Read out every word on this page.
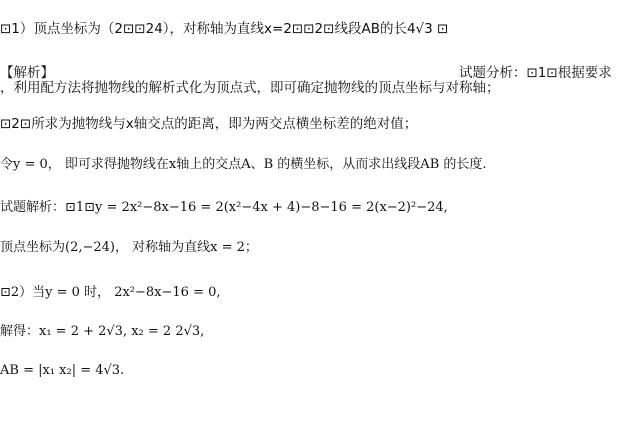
⊡1）顶点坐标为（2⊡⊡24），对称轴为直线x=2⊡⊡2⊡线段AB的长4√3 ⊡
【解析】	试题分析：⊡1⊡根据要求
，利用配方法将抛物线的解析式化为顶点式，即可确定抛物线的顶点坐标与对称轴；
⊡2⊡所求为抛物线与x轴交点的距离，即为两交点横坐标差的绝对值；
令y = 0， 即可求得抛物线在x轴上的交点A、B 的横坐标，从而求出线段AB 的长度.
试题解析：⊡1⊡y = 2x²−8x−16 = 2(x²−4x + 4)−8−16 = 2(x−2)²−24,
顶点坐标为(2,−24)， 对称轴为直线x = 2；
⊡2）当y = 0 时， 2x²−8x−16 = 0,
解得：x₁ = 2 + 2√3, x₂ = 2 2√3,
AB = |x₁ x₂| = 4√3.
